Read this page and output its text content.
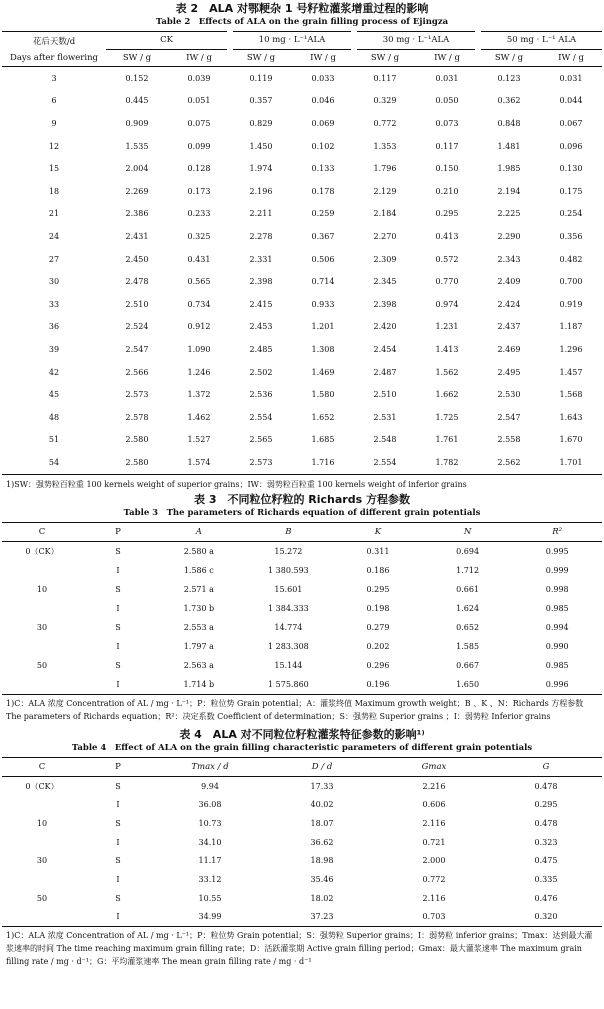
表 2　ALA 对鄂粳杂 1 号籽粒灌浆增重过程的影响
Table 2　Effects of ALA on the grain filling process of Ejingza
花后天数/d	CK		10 mg · L⁻¹ALA		30 mg · L⁻¹ALA		50 mg · L⁻¹ ALA	
Days after flowering	SW / g	IW / g	SW / g	IW / g	SW / g	IW / g	SW / g	IW / g
3	0.152	0.039	0.119	0.033	0.117	0.031	0.123	0.031
6	0.445	0.051	0.357	0.046	0.329	0.050	0.362	0.044
9	0.909	0.075	0.829	0.069	0.772	0.073	0.848	0.067
12	1.535	0.099	1.450	0.102	1.353	0.117	1.481	0.096
15	2.004	0.128	1.974	0.133	1.796	0.150	1.985	0.130
18	2.269	0.173	2.196	0.178	2.129	0.210	2.194	0.175
21	2.386	0.233	2.211	0.259	2.184	0.295	2.225	0.254
24	2.431	0.325	2.278	0.367	2.270	0.413	2.290	0.356
27	2.450	0.431	2.331	0.506	2.309	0.572	2.343	0.482
30	2.478	0.565	2.398	0.714	2.345	0.770	2.409	0.700
33	2.510	0.734	2.415	0.933	2.398	0.974	2.424	0.919
36	2.524	0.912	2.453	1.201	2.420	1.231	2.437	1.187
39	2.547	1.090	2.485	1.308	2.454	1.413	2.469	1.296
42	2.566	1.246	2.502	1.469	2.487	1.562	2.495	1.457
45	2.573	1.372	2.536	1.580	2.510	1.662	2.530	1.568
48	2.578	1.462	2.554	1.652	2.531	1.725	2.547	1.643
51	2.580	1.527	2.565	1.685	2.548	1.761	2.558	1.670
54	2.580	1.574	2.573	1.716	2.554	1.782	2.562	1.701
1)SW：强势粒百粒重 100 kernels weight of superior grains；IW：弱势粒百粒重 100 kernels weight of inferior grains
表 3　不同粒位籽粒的 Richards 方程参数
Table 3　The parameters of Richards equation of different grain potentials
C	P	A	B	K	N	R²
0（CK）	S	2.580 a	15.272	0.311	0.694	0.995
	I	1.586 c	1 380.593	0.186	1.712	0.999
10	S	2.571 a	15.601	0.295	0.661	0.998
	I	1.730 b	1 384.333	0.198	1.624	0.985
30	S	2.553 a	14.774	0.279	0.652	0.994
	I	1.797 a	1 283.308	0.202	1.585	0.990
50	S	2.563 a	15.144	0.296	0.667	0.985
	I	1.714 b	1 575.860	0.196	1.650	0.996
1)C：ALA 浓度 Concentration of AL / mg · L⁻¹；P：粒位势 Grain potential；A：灌浆终值 Maximum growth weight；B 、K 、N：Richards 方程参数 The parameters of Richards equation；R²：决定系数 Coefficient of determination；S：强势粒 Superior grains ；I：弱势粒 Inferior grains
表 4　ALA 对不同粒位籽粒灌浆特征参数的影响¹⁾
Table 4　Effect of ALA on the grain filling characteristic parameters of different grain potentials
C	P	Tmax / d	D / d	Gmax	G
0（CK）	S	9.94	17.33	2.216	0.478
	I	36.08	40.02	0.606	0.295
10	S	10.73	18.07	2.116	0.478
	I	34.10	36.62	0.721	0.323
30	S	11.17	18.98	2.000	0.475
	I	33.12	35.46	0.772	0.335
50	S	10.55	18.02	2.116	0.476
	I	34.99	37.23	0.703	0.320
1)C：ALA 浓度 Concentration of AL / mg · L⁻¹；P：粒位势 Grain potential；S：强势粒 Superior grains；I：弱势粒 inferior grains；Tmax：达到最大灌浆速率的时间 The time reaching maximum grain filling rate；D：活跃灌浆期 Active grain filling period；Gmax：最大灌浆速率 The maximum grain filling rate / mg · d⁻¹；G：平均灌浆速率 The mean grain filling rate / mg · d⁻¹
